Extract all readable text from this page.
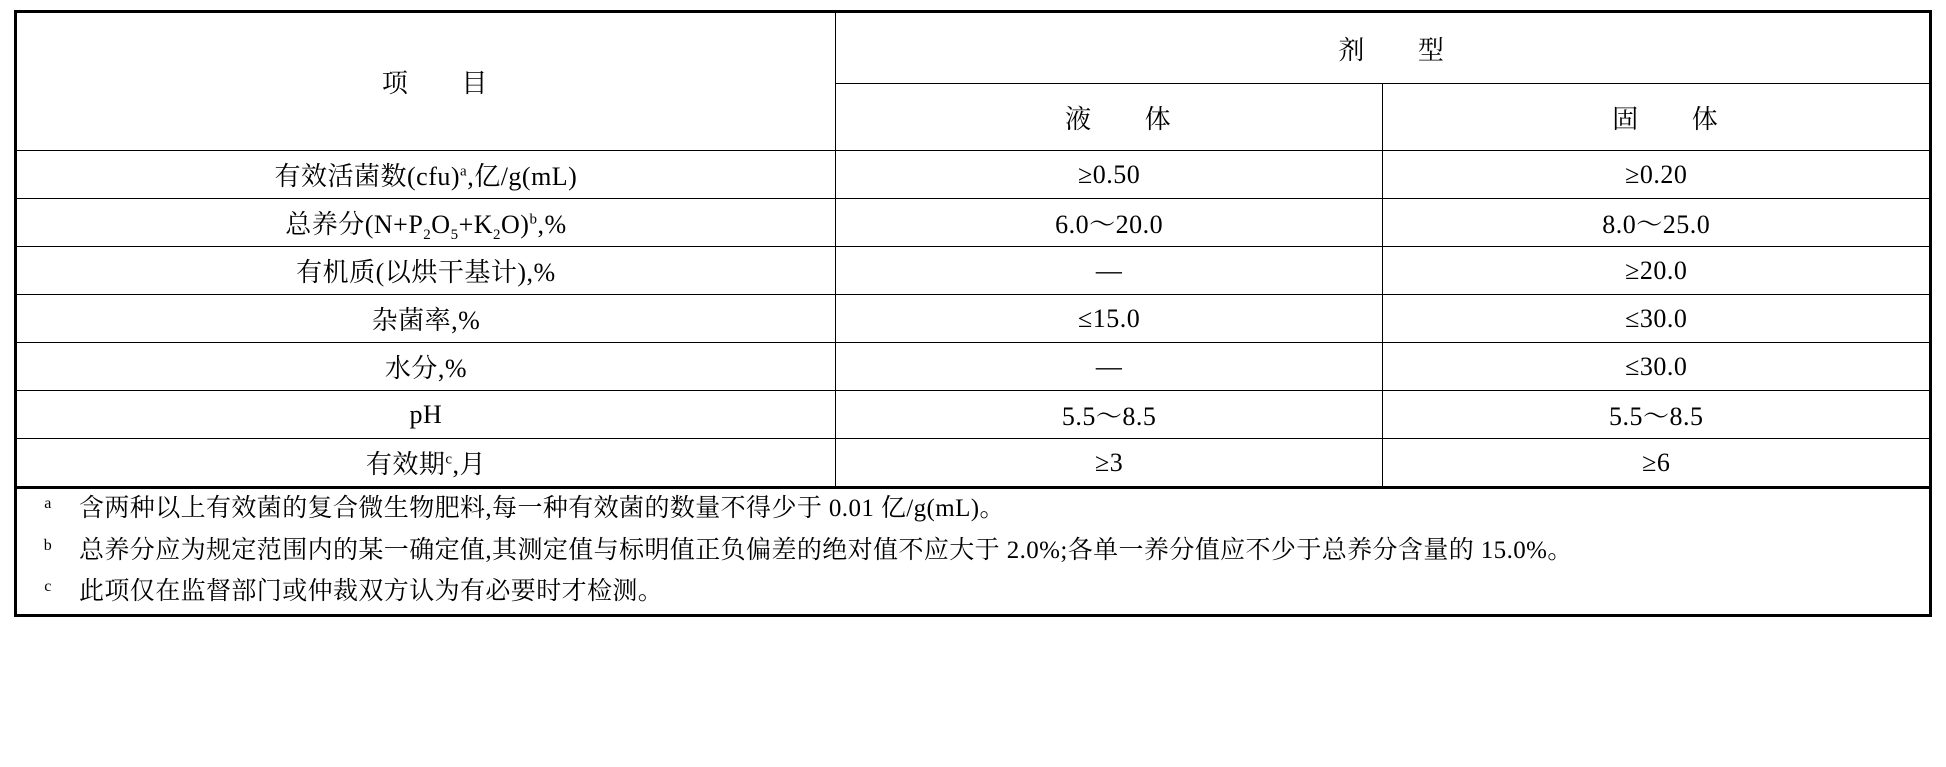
项　　目	剂　　型	
	液　　体	固　　体
有效活菌数(cfu)$^a$,亿/g(mL)	≥0.50	≥0.20
总养分$(N+P_2O_5+K_2O)^b,\%$	6.0～20.0	8.0～25.0
有机质(以烘干基计),%	—	≥20.0
杂菌率,%	≤15.0	≤30.0
水分,%	—	≤30.0
pH	5.5～8.5	5.5～8.5
有效期$^c$,月	≥3	≥6

a	含两种以上有效菌的复合微生物肥料,每一种有效菌的数量不得少于 0.01 亿/g(mL)。
b	总养分应为规定范围内的某一确定值,其测定值与标明值正负偏差的绝对值不应大于 2.0%;各单一养分值应不少于总养分含量的 15.0%。
c	此项仅在监督部门或仲裁双方认为有必要时才检测。
